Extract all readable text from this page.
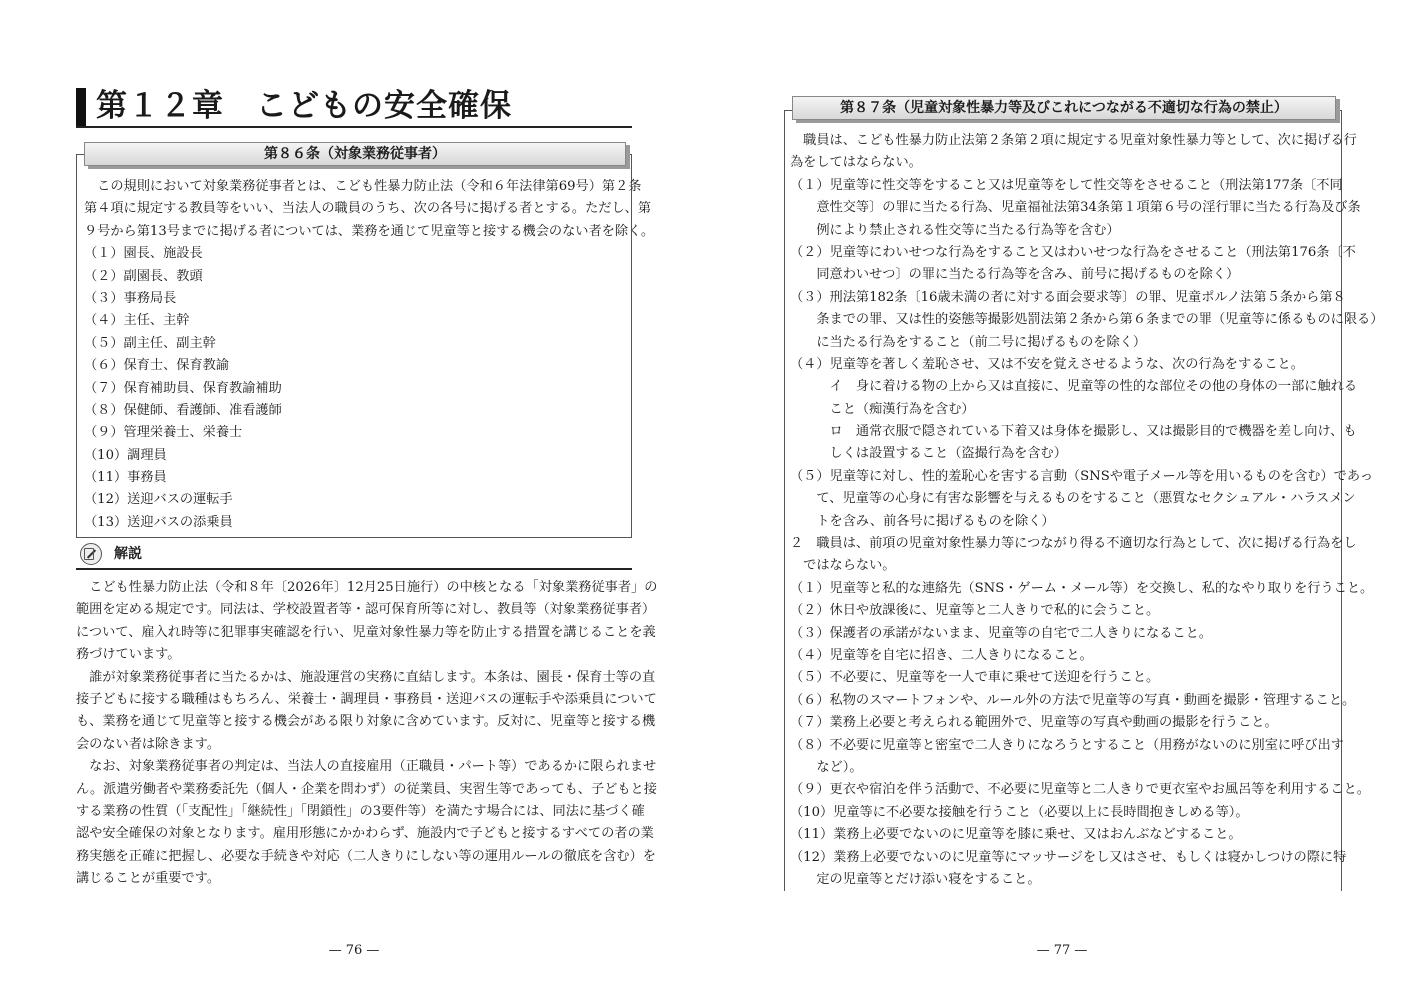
第１２章　こどもの安全確保
第８６条（対象業務従事者）
　この規則において対象業務従事者とは、こども性暴力防止法（令和６年法律第69号）第２条
第４項に規定する教員等をいい、当法人の職員のうち、次の各号に掲げる者とする。ただし、第
９号から第13号までに掲げる者については、業務を通じて児童等と接する機会のない者を除く。
（１）園長、施設長
（２）副園長、教頭
（３）事務局長
（４）主任、主幹
（５）副主任、副主幹
（６）保育士、保育教諭
（７）保育補助員、保育教諭補助
（８）保健師、看護師、准看護師
（９）管理栄養士、栄養士
（10）調理員
（11）事務員
（12）送迎バスの運転手
（13）送迎バスの添乗員
解説
　こども性暴力防止法（令和８年〔2026年〕12月25日施行）の中核となる「対象業務従事者」の
範囲を定める規定です。同法は、学校設置者等・認可保育所等に対し、教員等（対象業務従事者）
について、雇入れ時等に犯罪事実確認を行い、児童対象性暴力等を防止する措置を講じることを義
務づけています。
　誰が対象業務従事者に当たるかは、施設運営の実務に直結します。本条は、園長・保育士等の直
接子どもに接する職種はもちろん、栄養士・調理員・事務員・送迎バスの運転手や添乗員について
も、業務を通じて児童等と接する機会がある限り対象に含めています。反対に、児童等と接する機
会のない者は除きます。
　なお、対象業務従事者の判定は、当法人の直接雇用（正職員・パート等）であるかに限られませ
ん。派遣労働者や業務委託先（個人・企業を問わず）の従業員、実習生等であっても、子どもと接
する業務の性質（「支配性」「継続性」「閉鎖性」の3要件等）を満たす場合には、同法に基づく確
認や安全確保の対象となります。雇用形態にかかわらず、施設内で子どもと接するすべての者の業
務実態を正確に把握し、必要な手続きや対応（二人きりにしない等の運用ルールの徹底を含む）を
講じることが重要です。
— 76 —
第８７条（児童対象性暴力等及びこれにつながる不適切な行為の禁止）
　職員は、こども性暴力防止法第２条第２項に規定する児童対象性暴力等として、次に掲げる行
為をしてはならない。
（１）児童等に性交等をすること又は児童等をして性交等をさせること（刑法第177条〔不同
　　意性交等〕の罪に当たる行為、児童福祉法第34条第１項第６号の淫行罪に当たる行為及び条
　　例により禁止される性交等に当たる行為等を含む）
（２）児童等にわいせつな行為をすること又はわいせつな行為をさせること（刑法第176条〔不
　　同意わいせつ〕の罪に当たる行為等を含み、前号に掲げるものを除く）
（３）刑法第182条〔16歳未満の者に対する面会要求等〕の罪、児童ポルノ法第５条から第８
　　条までの罪、又は性的姿態等撮影処罰法第２条から第６条までの罪（児童等に係るものに限る）
　　に当たる行為をすること（前二号に掲げるものを除く）
（４）児童等を著しく羞恥させ、又は不安を覚えさせるような、次の行為をすること。
　　　イ　身に着ける物の上から又は直接に、児童等の性的な部位その他の身体の一部に触れる
　　　こと（痴漢行為を含む）
　　　ロ　通常衣服で隠されている下着又は身体を撮影し、又は撮影目的で機器を差し向け、も
　　　しくは設置すること（盗撮行為を含む）
（５）児童等に対し、性的羞恥心を害する言動（SNSや電子メール等を用いるものを含む）であっ
　　て、児童等の心身に有害な影響を与えるものをすること（悪質なセクシュアル・ハラスメン
　　トを含み、前各号に掲げるものを除く）
２　職員は、前項の児童対象性暴力等につながり得る不適切な行為として、次に掲げる行為をし
　ではならない。
（１）児童等と私的な連絡先（SNS・ゲーム・メール等）を交換し、私的なやり取りを行うこと。
（２）休日や放課後に、児童等と二人きりで私的に会うこと。
（３）保護者の承諾がないまま、児童等の自宅で二人きりになること。
（４）児童等を自宅に招き、二人きりになること。
（５）不必要に、児童等を一人で車に乗せて送迎を行うこと。
（６）私物のスマートフォンや、ルール外の方法で児童等の写真・動画を撮影・管理すること。
（７）業務上必要と考えられる範囲外で、児童等の写真や動画の撮影を行うこと。
（８）不必要に児童等と密室で二人きりになろうとすること（用務がないのに別室に呼び出す
　　など）。
（９）更衣や宿泊を伴う活動で、不必要に児童等と二人きりで更衣室やお風呂等を利用すること。
（10）児童等に不必要な接触を行うこと（必要以上に長時間抱きしめる等）。
（11）業務上必要でないのに児童等を膝に乗せ、又はおんぶなどすること。
（12）業務上必要でないのに児童等にマッサージをし又はさせ、もしくは寝かしつけの際に特
　　定の児童等とだけ添い寝をすること。
— 77 —
